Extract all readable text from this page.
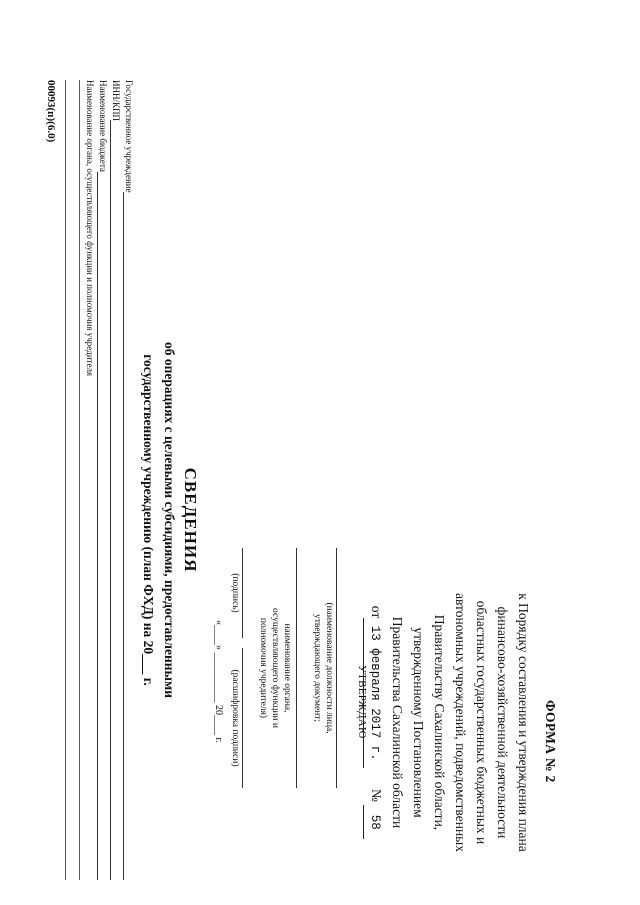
ФОРМА № 2
к Порядку составления и утверждения плана
финансово-хозяйственной деятельности
областных государственных бюджетных и
автономных учреждений, подведомственных
Правительству Сахалинской области,
утвержденному Постановлением
Правительства Сахалинской области
от13 февраля 2017 г.  № 58
УТВЕРЖДАЮ
(наименование должности лица,
утверждающего документ;
наименование органа,
осуществляющего функции и
полномочия учредителя)
(подпись)
(расшифровка подписи)
«____» __________ 20____ г.
СВЕДЕНИЯ
об операциях с целевыми субсидиями, предоставленными
государственному учреждению (план ФХД) на 20___ г.
Государственное учреждение
ИНН/КПП
Наименование бюджета
Наименование органа, осуществляющего функции и полномочия учредителя
00093(п)(6.0)
